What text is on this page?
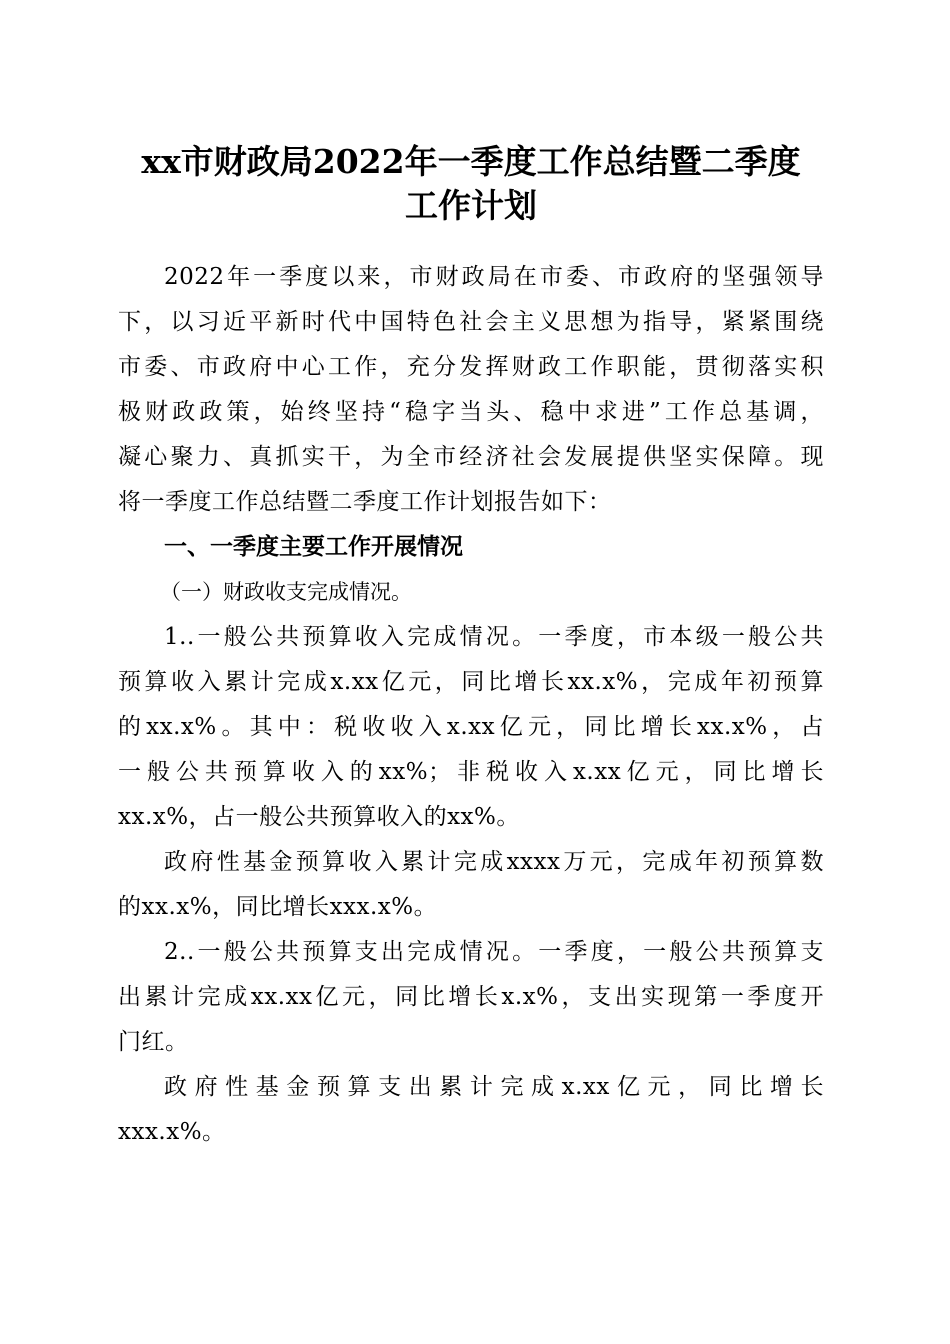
xx市财政局2022年一季度工作总结暨二季度
工作计划
2022年一季度以来，市财政局在市委、市政府的坚强领导
下，以习近平新时代中国特色社会主义思想为指导，紧紧围绕
市委、市政府中心工作，充分发挥财政工作职能，贯彻落实积
极财政政策，始终坚持“稳字当头、稳中求进”工作总基调，
凝心聚力、真抓实干，为全市经济社会发展提供坚实保障。现
将一季度工作总结暨二季度工作计划报告如下：
一、一季度主要工作开展情况
（一）财政收支完成情况。
1..一般公共预算收入完成情况。一季度，市本级一般公共
预算收入累计完成x.xx亿元，同比增长xx.x%，完成年初预算
的xx.x%。其中：税收收入x.xx亿元，同比增长xx.x%，占
一般公共预算收入的xx%；非税收入x.xx亿元，同比增长
xx.x%，占一般公共预算收入的xx%。
政府性基金预算收入累计完成xxxx万元，完成年初预算数
的xx.x%，同比增长xxx.x%。
2..一般公共预算支出完成情况。一季度，一般公共预算支
出累计完成xx.xx亿元，同比增长x.x%，支出实现第一季度开
门红。
政府性基金预算支出累计完成x.xx亿元，同比增长
xxx.x%。
